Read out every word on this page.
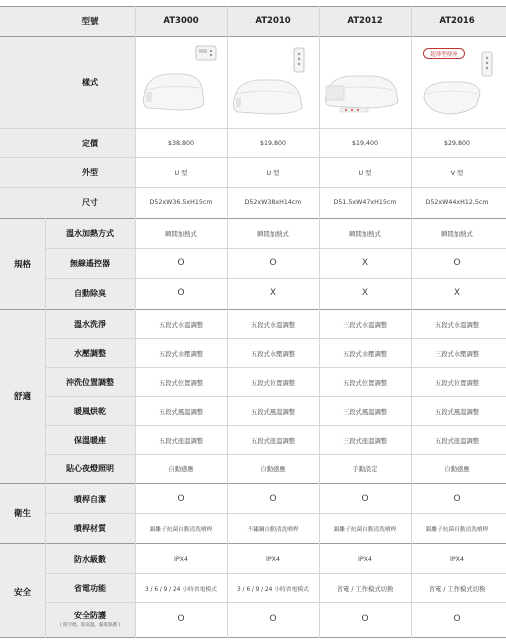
型號	AT3000	AT2010	AT2012	AT2016
樣式
超薄型便座
定價	$38,800	$19,800	$19,400	$29,800
外型	U 型	U 型	U 型	V 型
尺寸	D52xW36.5xH15cm	D52xW38xH14cm	D51.5xW47xH15cm	D52xW44xH12.5cm
規格
溫水加熱方式	瞬間加熱式	瞬間加熱式	瞬間加熱式	瞬間加熱式
無線遙控器	O	O	X	O
自動除臭	O	X	X	X
舒適
溫水洗淨	五段式水溫調整	五段式水溫調整	三段式水溫調整	五段式水溫調整
水壓調整	五段式水壓調整	五段式水壓調整	五段式水壓調整	三段式水壓調整
沖洗位置調整	五段式位置調整	五段式位置調整	五段式位置調整	五段式位置調整
暖風烘乾	五段式風溫調整	五段式風溫調整	三段式風溫調整	五段式風溫調整
保溫暖座	五段式座溫調整	五段式座溫調整	三段式座溫調整	五段式座溫調整
貼心夜燈照明	自動感應	自動感應	手動設定	自動感應
衛生
噴桿自潔	O	O	O	O
噴桿材質	銀離子抗菌自動清洗噴桿	不鏽鋼自動清洗噴桿	銀離子抗菌自動清洗噴桿	銀離子抗菌自動清洗噴桿
安全
防水級數	IPX4	IPX4	IPX4	IPX4
省電功能	3 / 6 / 9 / 24 小時省電模式	3 / 6 / 9 / 24 小時省電模式	省電 / 工作模式切換	省電 / 工作模式切換
安全防護
( 防空燒、防高溫、漏電保護 )
O	O	O	O
